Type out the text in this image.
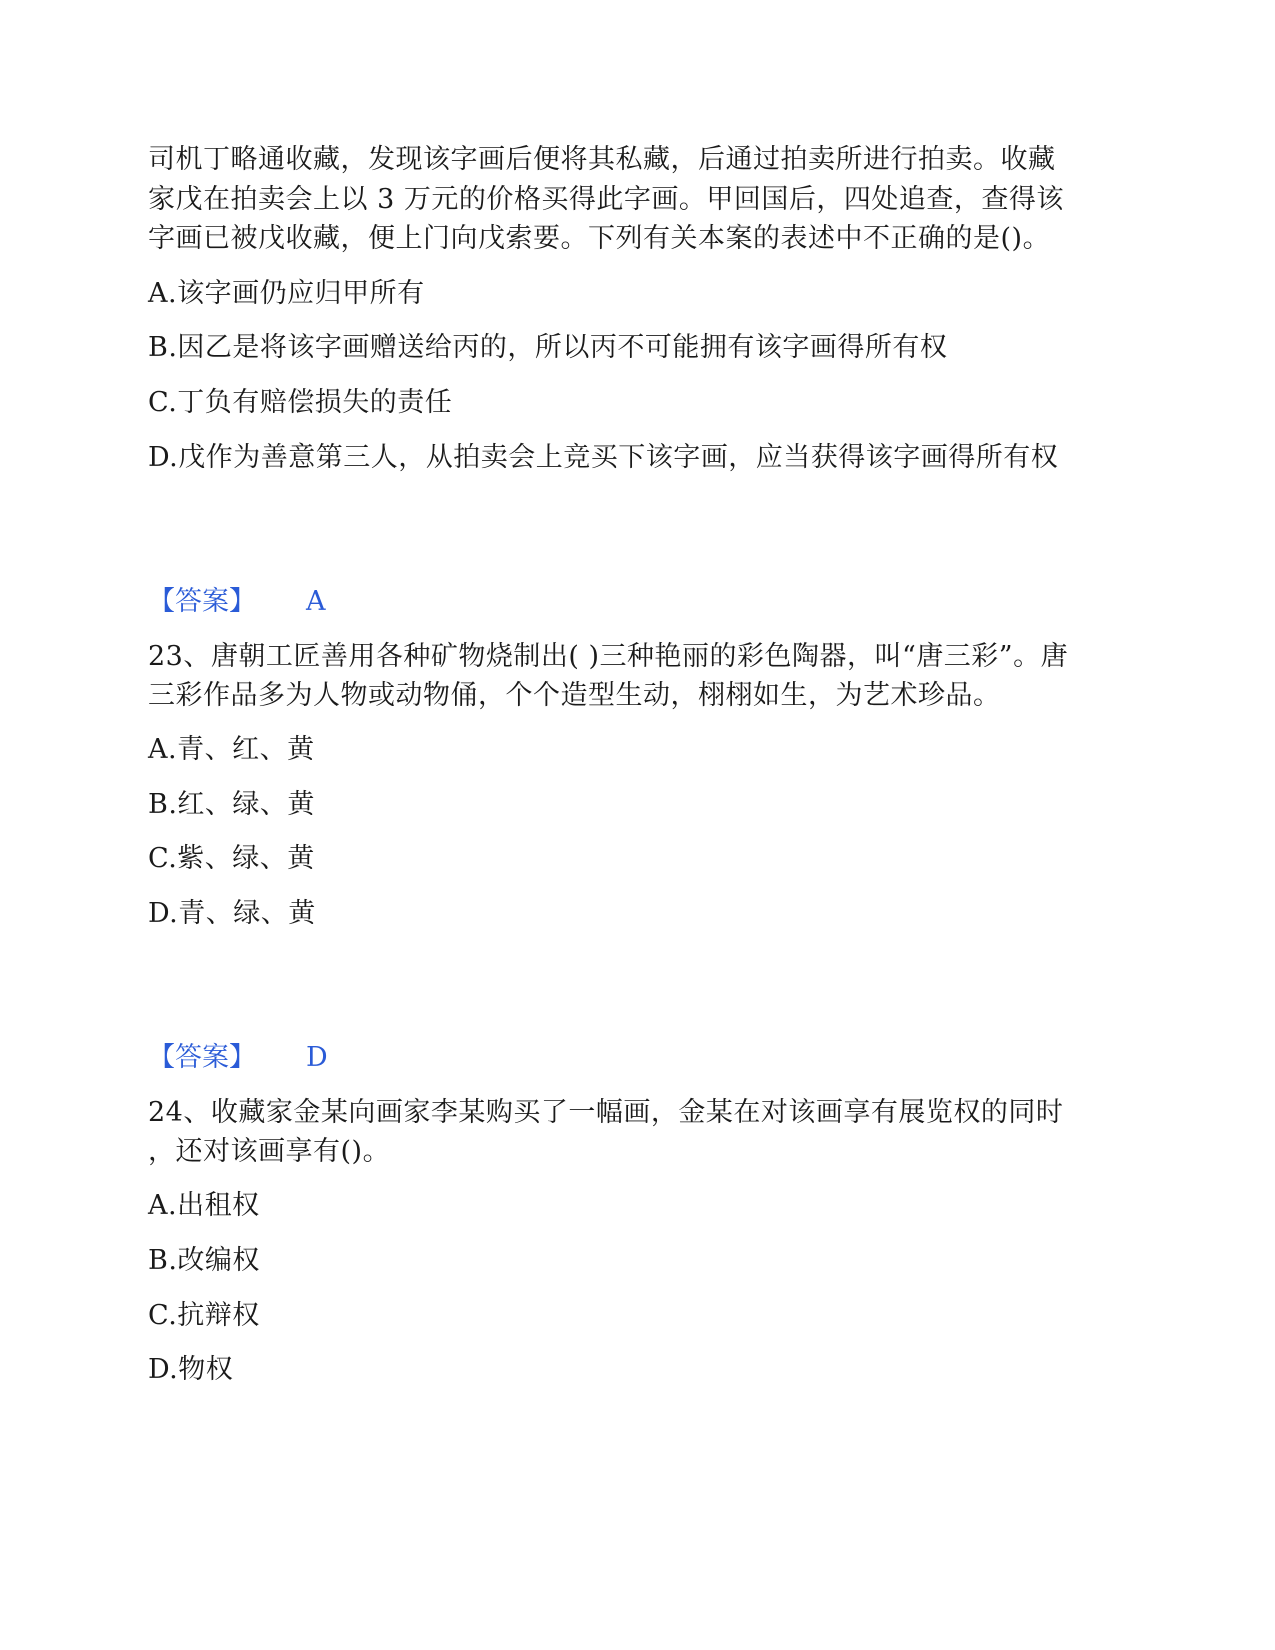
司机丁略通收藏，发现该字画后便将其私藏，后通过拍卖所进行拍卖。收藏
家戊在拍卖会上以 3 万元的价格买得此字画。甲回国后，四处追查，查得该
字画已被戊收藏，便上门向戊索要。下列有关本案的表述中不正确的是()。
A.该字画仍应归甲所有
B.因乙是将该字画赠送给丙的，所以丙不可能拥有该字画得所有权
C.丁负有赔偿损失的责任
D.戊作为善意第三人，从拍卖会上竞买下该字画，应当获得该字画得所有权
【答案】 A
23、唐朝工匠善用各种矿物烧制出( )三种艳丽的彩色陶器，叫“唐三彩”。唐
三彩作品多为人物或动物俑，个个造型生动，栩栩如生，为艺术珍品。
A.青、红、黄
B.红、绿、黄
C.紫、绿、黄
D.青、绿、黄
【答案】 D
24、收藏家金某向画家李某购买了一幅画，金某在对该画享有展览权的同时
，还对该画享有()。
A.出租权
B.改编权
C.抗辩权
D.物权
